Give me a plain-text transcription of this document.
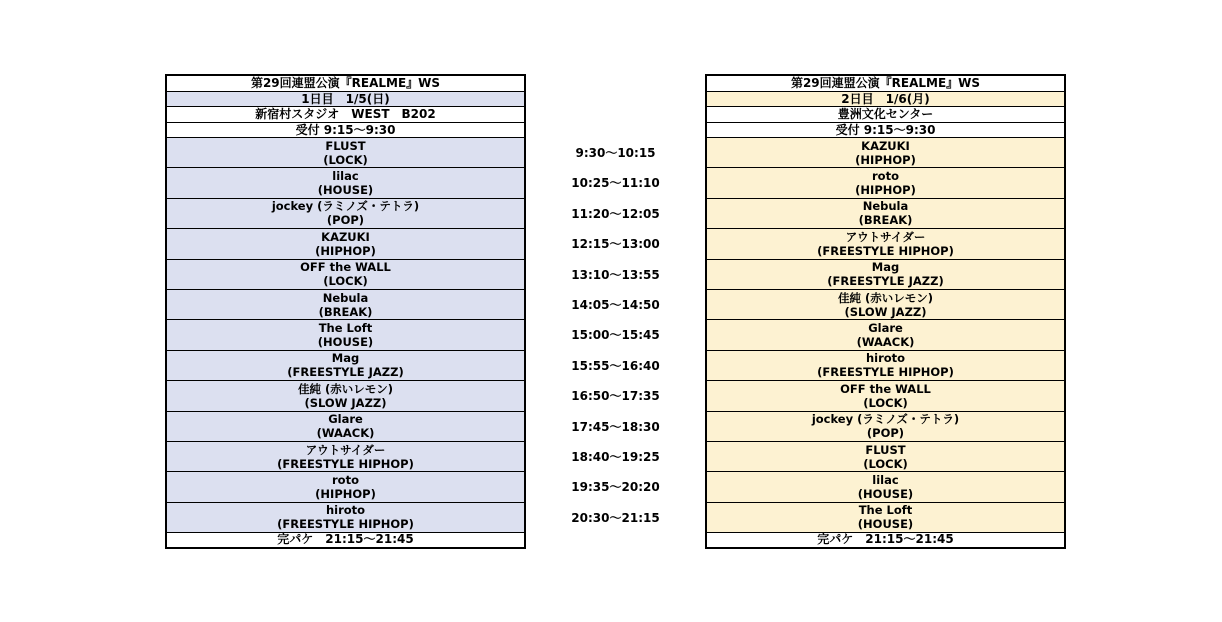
第29回連盟公演『REALME』WS
1日目　1/5(日)
新宿村スタジオ　WEST　B202
受付 9:15〜9:30
FLUST
(LOCK)
lilac
(HOUSE)
jockey (ラミノズ・テトラ)
(POP)
KAZUKI
(HIPHOP)
OFF the WALL
(LOCK)
Nebula
(BREAK)
The Loft
(HOUSE)
Mag
(FREESTYLE JAZZ)
佳純 (赤いレモン)
(SLOW JAZZ)
Glare
(WAACK)
アウトサイダー
(FREESTYLE HIPHOP)
roto
(HIPHOP)
hiroto
(FREESTYLE HIPHOP)
完パケ　21:15〜21:45
9:30〜10:15
10:25〜11:10
11:20〜12:05
12:15〜13:00
13:10〜13:55
14:05〜14:50
15:00〜15:45
15:55〜16:40
16:50〜17:35
17:45〜18:30
18:40〜19:25
19:35〜20:20
20:30〜21:15
第29回連盟公演『REALME』WS
2日目　1/6(月)
豊洲文化センター
受付 9:15〜9:30
KAZUKI
(HIPHOP)
roto
(HIPHOP)
Nebula
(BREAK)
アウトサイダー
(FREESTYLE HIPHOP)
Mag
(FREESTYLE JAZZ)
佳純 (赤いレモン)
(SLOW JAZZ)
Glare
(WAACK)
hiroto
(FREESTYLE HIPHOP)
OFF the WALL
(LOCK)
jockey (ラミノズ・テトラ)
(POP)
FLUST
(LOCK)
lilac
(HOUSE)
The Loft
(HOUSE)
完パケ　21:15〜21:45
